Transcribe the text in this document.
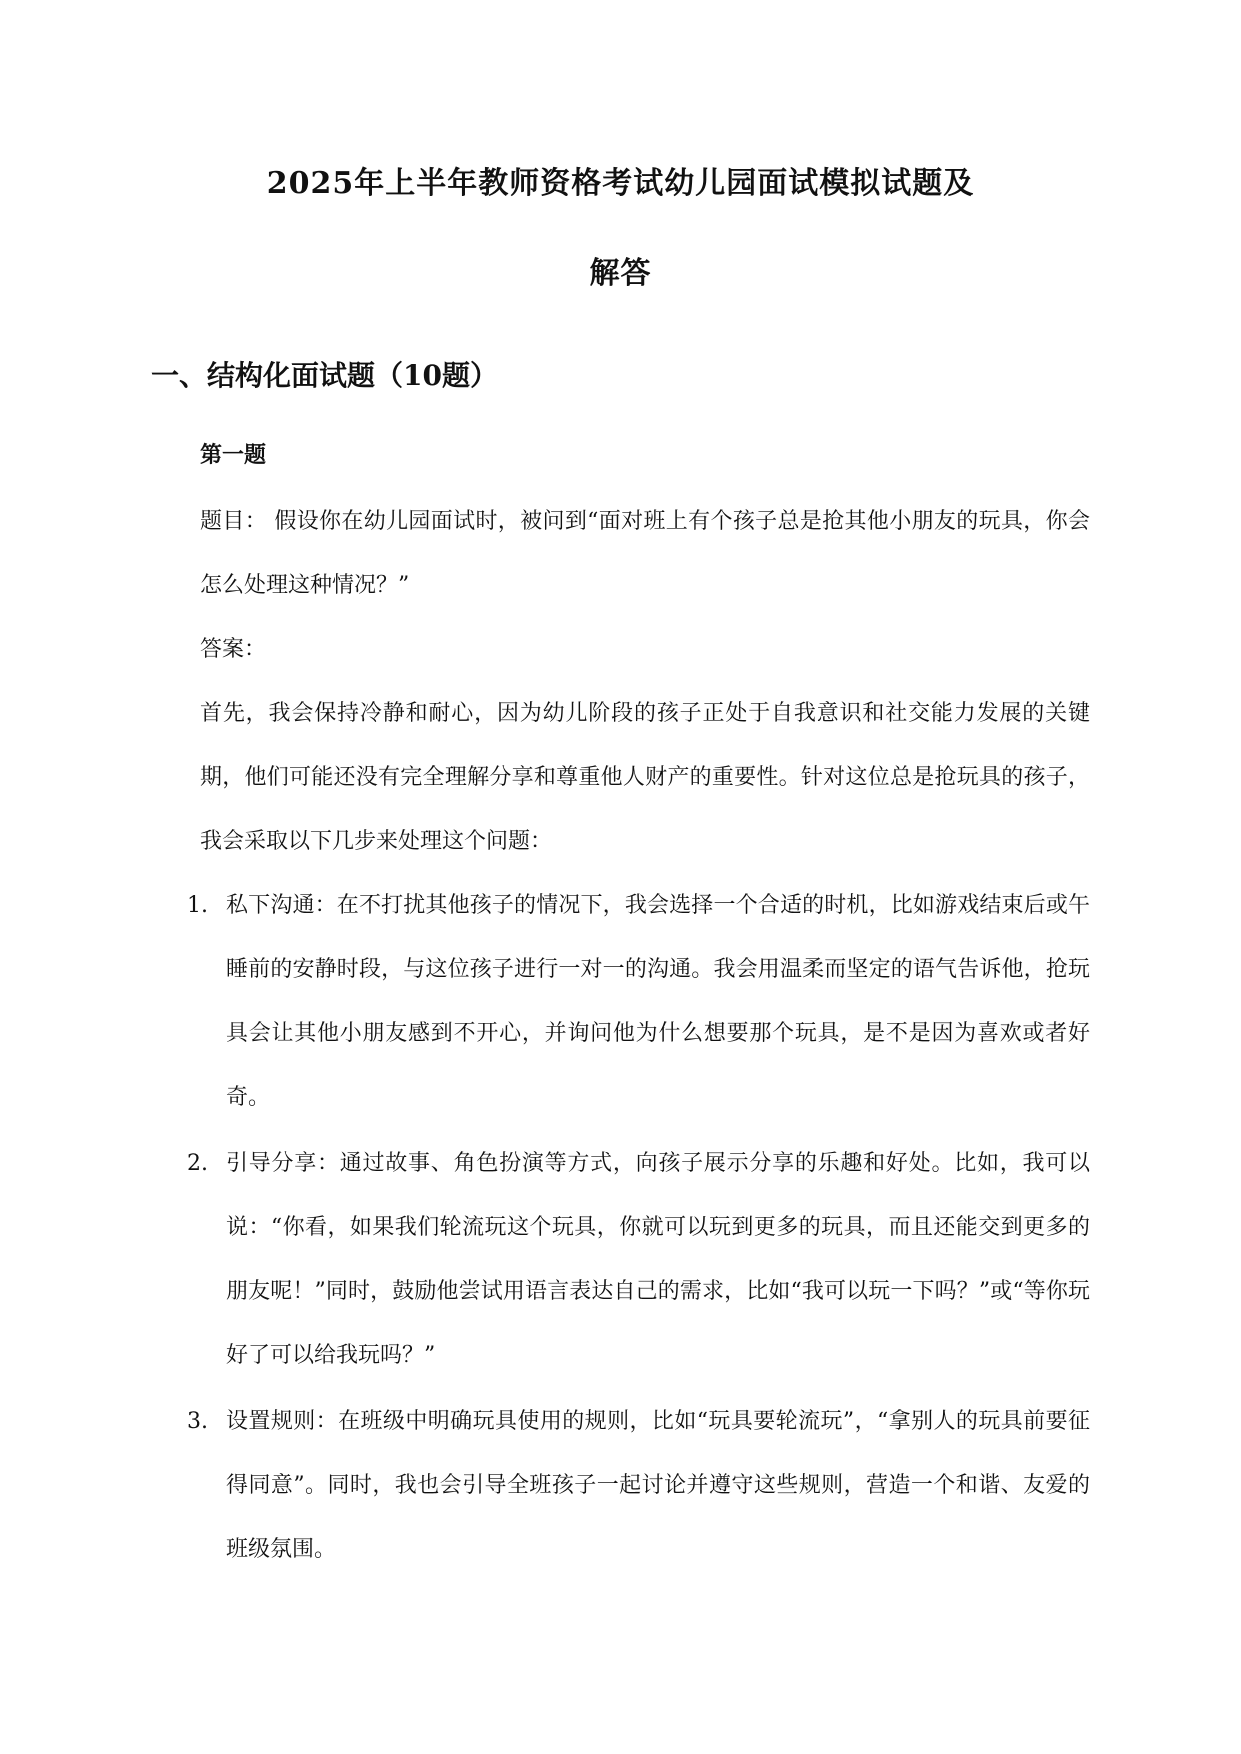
2025年上半年教师资格考试幼儿园面试模拟试题及
解答
一、结构化面试题（10题）
第一题

题目： 假设你在幼儿园面试时，被问到“面对班上有个孩子总是抢其他小朋友的玩具，你会怎么处理这种情况？”

答案：

首先，我会保持冷静和耐心，因为幼儿阶段的孩子正处于自我意识和社交能力发展的关键期，他们可能还没有完全理解分享和尊重他人财产的重要性。针对这位总是抢玩具的孩子，我会采取以下几步来处理这个问题：

1. 私下沟通：在不打扰其他孩子的情况下，我会选择一个合适的时机，比如游戏结束后或午睡前的安静时段，与这位孩子进行一对一的沟通。我会用温柔而坚定的语气告诉他，抢玩具会让其他小朋友感到不开心，并询问他为什么想要那个玩具，是不是因为喜欢或者好奇。
2. 引导分享：通过故事、角色扮演等方式，向孩子展示分享的乐趣和好处。比如，我可以说：“你看，如果我们轮流玩这个玩具，你就可以玩到更多的玩具，而且还能交到更多的朋友呢！”同时，鼓励他尝试用语言表达自己的需求，比如“我可以玩一下吗？”或“等你玩好了可以给我玩吗？”
3. 设置规则：在班级中明确玩具使用的规则，比如“玩具要轮流玩”，“拿别人的玩具前要征得同意”。同时，我也会引导全班孩子一起讨论并遵守这些规则，营造一个和谐、友爱的班级氛围。
